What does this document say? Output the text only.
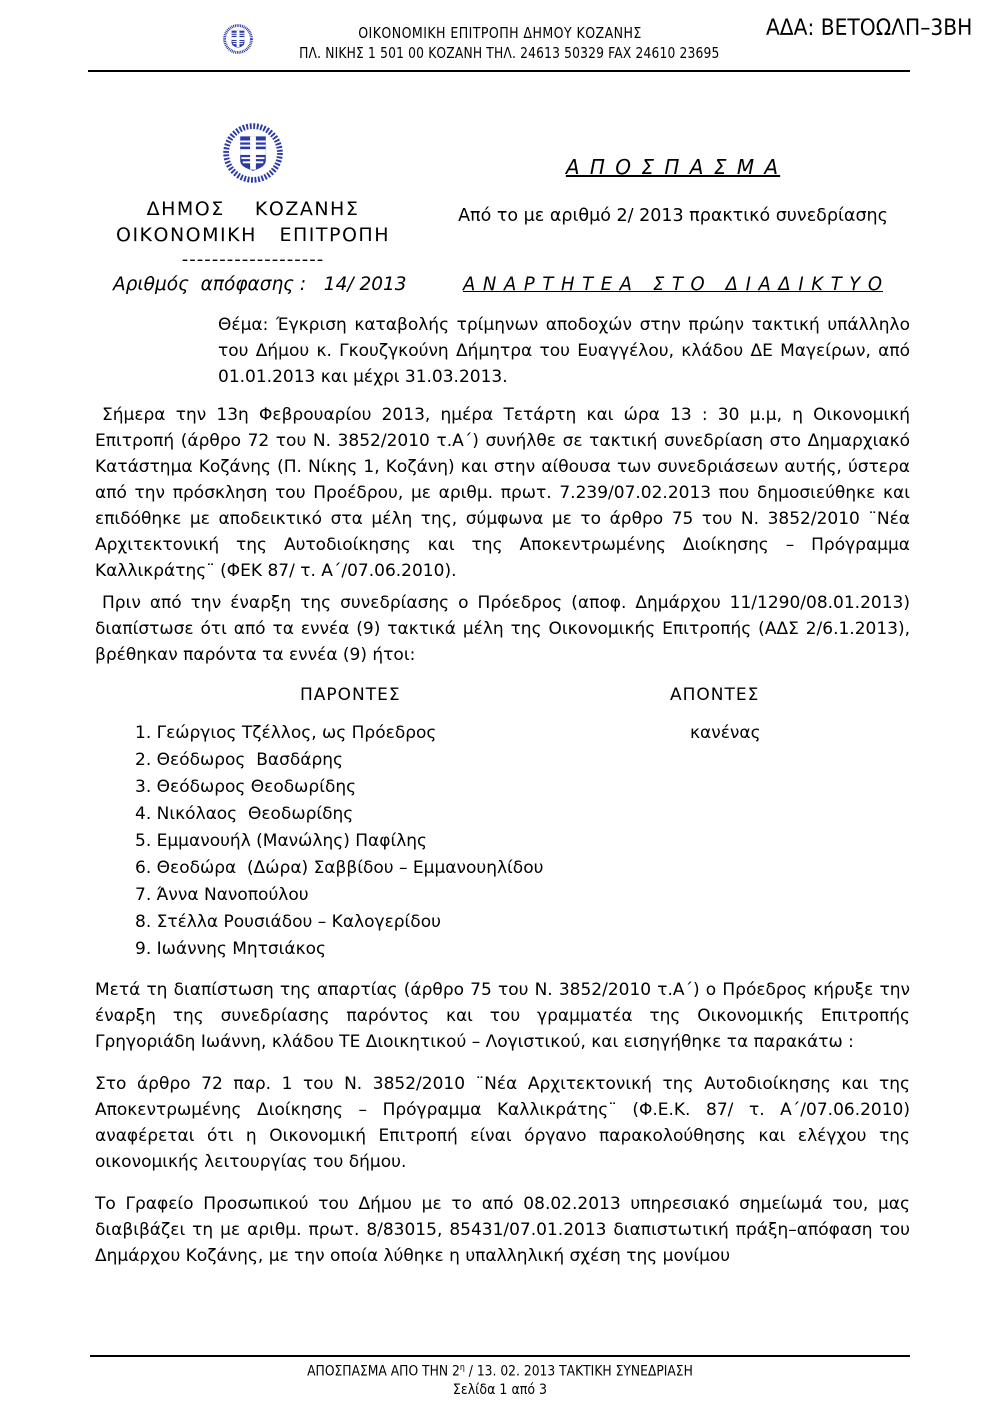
ΟΙΚΟΝΟΜΙΚΗ ΕΠΙΤΡΟΠΗ ΔΗΜΟΥ ΚΟΖΑΝΗΣ
ΠΛ. ΝΙΚΗΣ 1 501 00 ΚΟΖΑΝΗ ΤΗΛ. 24613 50329 FAX 24610 23695
ΑΔΑ: ΒΕΤΟΩΛΠ–3ΒΗ
ΔΗΜΟΣ    ΚΟΖΑΝΗΣ
ΟΙΚΟΝΟΜΙΚΗ   ΕΠΙΤΡΟΠΗ
-------------------
Αριθμός  απόφασης :   14/ 2013
Α Π Ο Σ Π Α Σ Μ Α
Από το με αριθμό 2/ 2013 πρακτικό συνεδρίασης
Α Ν Α Ρ Τ Η Τ Ε Α   Σ Τ Ο   Δ Ι Α Δ Ι Κ Τ Υ Ο

Θέμα: Έγκριση καταβολής τρίμηνων αποδοχών στην πρώην τακτική υπάλληλο του Δήμου κ. Γκουζγκούνη Δήμητρα του Ευαγγέλου, κλάδου ΔΕ Μαγείρων, από 01.01.2013 και μέχρι 31.03.2013.

Σήμερα την 13η Φεβρουαρίου 2013, ημέρα Τετάρτη και ώρα 13 : 30 μ.μ, η Οικονομική Επιτροπή (άρθρο 72 του Ν. 3852/2010 τ.Α΄) συνήλθε σε τακτική συνεδρίαση στο Δημαρχιακό Κατάστημα Κοζάνης (Π. Νίκης 1, Κοζάνη) και στην αίθουσα των συνεδριάσεων αυτής, ύστερα από την πρόσκληση του Προέδρου, με αριθμ. πρωτ. 7.239/07.02.2013 που δημοσιεύθηκε και επιδόθηκε με αποδεικτικό στα μέλη της, σύμφωνα με το άρθρο 75 του Ν. 3852/2010 ¨Νέα Αρχιτεκτονική της Αυτοδιοίκησης και της Αποκεντρωμένης Διοίκησης – Πρόγραμμα Καλλικράτης¨ (ΦΕΚ 87/ τ. Α΄/07.06.2010).

Πριν από την έναρξη της συνεδρίασης ο Πρόεδρος (αποφ. Δημάρχου 11/1290/08.01.2013) διαπίστωσε ότι από τα εννέα (9) τακτικά μέλη της Οικονομικής Επιτροπής (ΑΔΣ 2/6.1.2013), βρέθηκαν παρόντα τα εννέα (9) ήτοι:

ΠΑΡΟΝΤΕΣ	ΑΠΟΝΤΕΣ
1. Γεώργιος Τζέλλος, ως Πρόεδρος
2. Θεόδωρος  Βασδάρης
3. Θεόδωρος Θεοδωρίδης
4. Νικόλαος  Θεοδωρίδης
5. Εμμανουήλ (Μανώλης) Παφίλης
6. Θεοδώρα  (Δώρα) Σαββίδου – Εμμανουηλίδου
7. Άννα Νανοπούλου
8. Στέλλα Ρουσιάδου – Καλογερίδου
9. Ιωάννης Μητσιάκος
κανένας

Μετά τη διαπίστωση της απαρτίας (άρθρο 75 του Ν. 3852/2010 τ.Α΄) ο Πρόεδρος κήρυξε την έναρξη της συνεδρίασης παρόντος και του γραμματέα της Οικονομικής Επιτροπής Γρηγοριάδη Ιωάννη, κλάδου ΤΕ Διοικητικού – Λογιστικού, και εισηγήθηκε τα παρακάτω :

Στο άρθρο 72 παρ. 1 του Ν. 3852/2010 ¨Νέα Αρχιτεκτονική της Αυτοδιοίκησης και της Αποκεντρωμένης Διοίκησης – Πρόγραμμα Καλλικράτης¨ (Φ.Ε.Κ. 87/ τ. Α΄/07.06.2010) αναφέρεται ότι η Οικονομική Επιτροπή είναι όργανο παρακολούθησης και ελέγχου της οικονομικής λειτουργίας του δήμου.

Το Γραφείο Προσωπικού του Δήμου με το από 08.02.2013 υπηρεσιακό σημείωμά του, μας διαβιβάζει τη με αριθμ. πρωτ. 8/83015, 85431/07.01.2013 διαπιστωτική πράξη–απόφαση του Δημάρχου Κοζάνης, με την οποία λύθηκε η υπαλληλική σχέση της μονίμου

ΑΠΟΣΠΑΣΜΑ ΑΠΟ ΤΗΝ $2^\eta / 13$. 02. 2013 ΤΑΚΤΙΚΗ ΣΥΝΕΔΡΙΑΣΗ
Σελίδα 1 από 3
